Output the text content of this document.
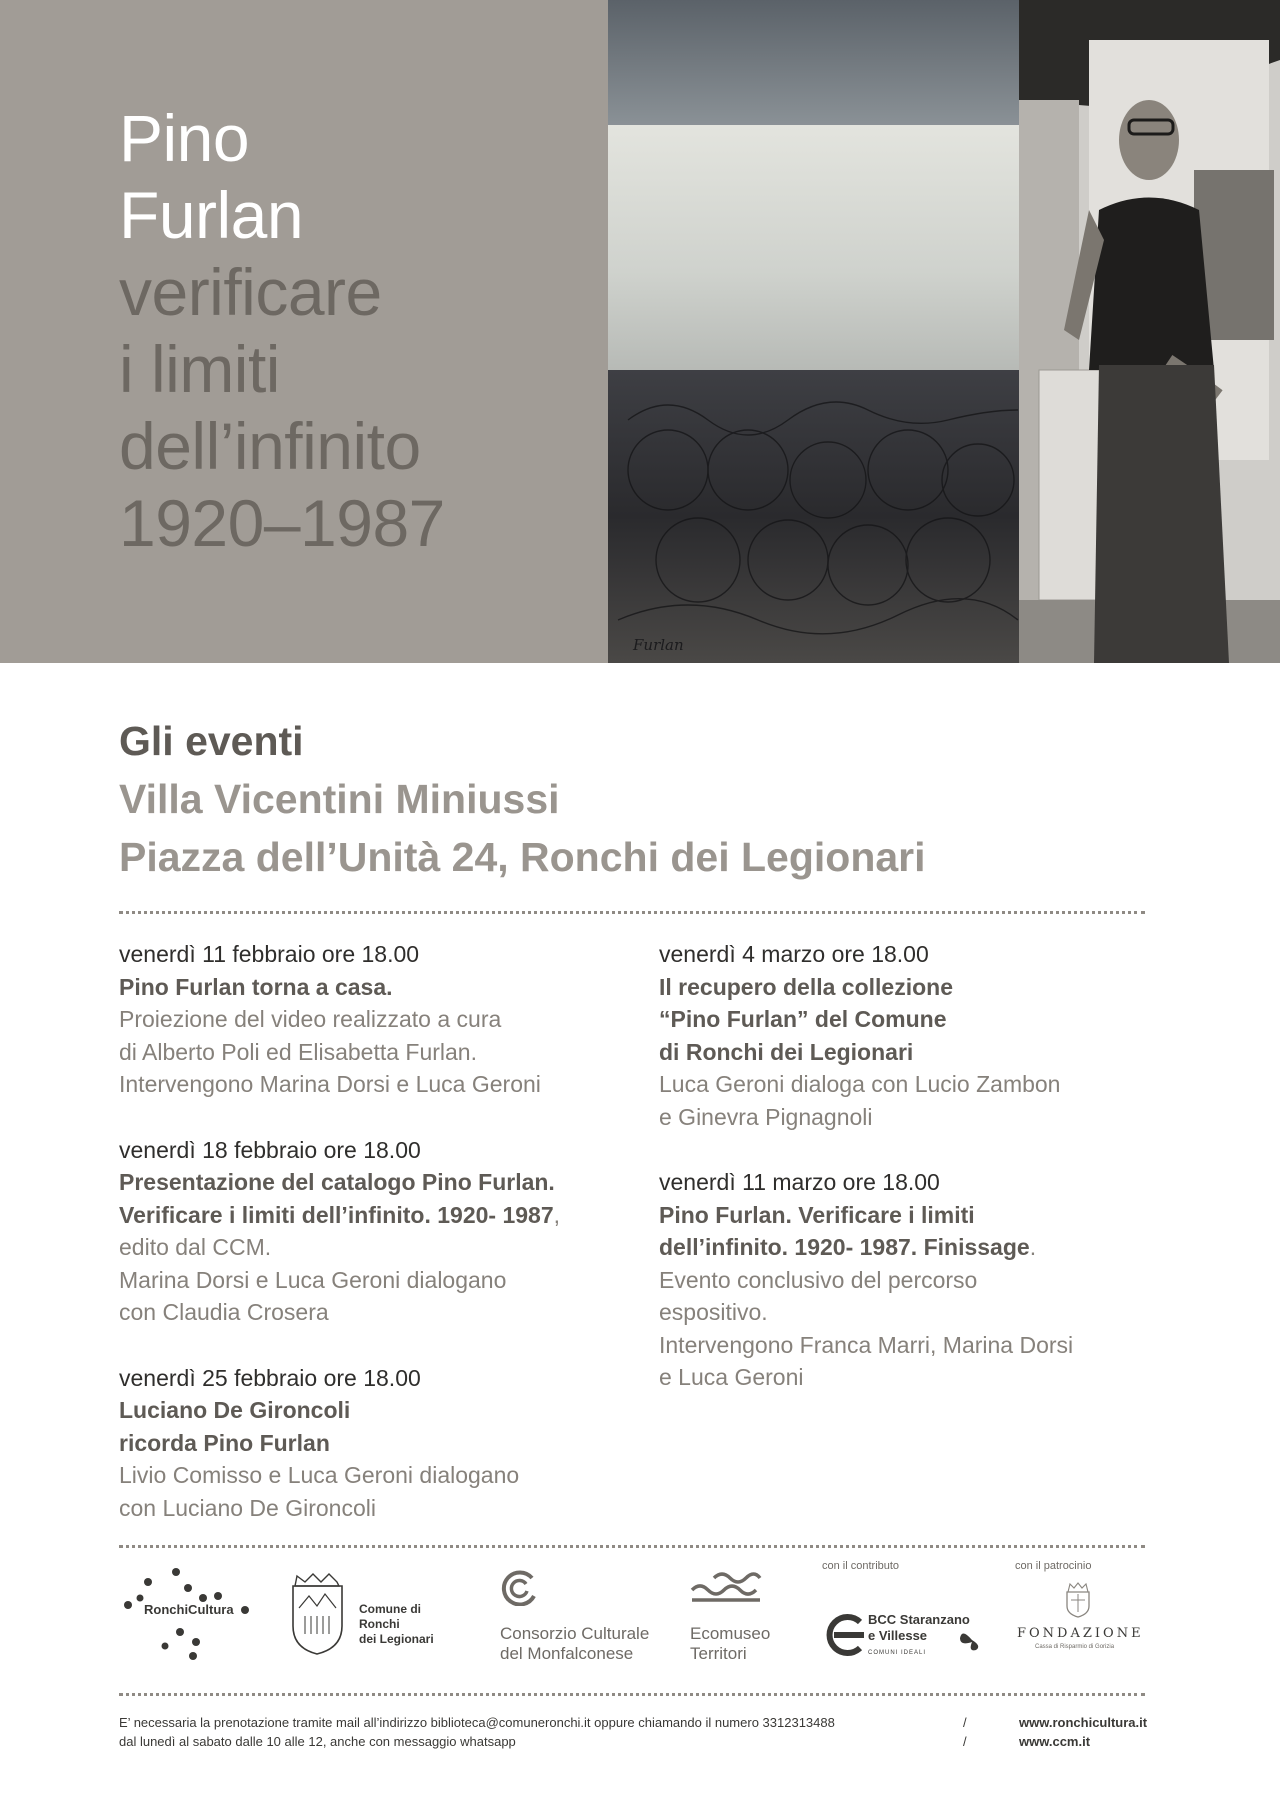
Pino
Furlan
verificare
i limiti
dell’infinito
1920–1987
Furlan
Gli eventi
Villa Vicentini Miniussi
Piazza dell’Unità 24, Ronchi dei Legionari
venerdì 11 febbraio ore 18.00
Pino Furlan torna a casa.
Proiezione del video realizzato a cura
di Alberto Poli ed Elisabetta Furlan.
Intervengono Marina Dorsi e Luca Geroni
venerdì 18 febbraio ore 18.00
Presentazione del catalogo Pino Furlan.
Verificare i limiti dell’infinito. 1920- 1987,
edito dal CCM.
Marina Dorsi e Luca Geroni dialogano
con Claudia Crosera
venerdì 25 febbraio ore 18.00
Luciano De Gironcoli
ricorda Pino Furlan
Livio Comisso e Luca Geroni dialogano
con Luciano De Gironcoli
venerdì 4 marzo ore 18.00
Il recupero della collezione
“Pino Furlan” del Comune
di Ronchi dei Legionari
Luca Geroni dialoga con Lucio Zambon
e Ginevra Pignagnoli
venerdì 11 marzo ore 18.00
Pino Furlan. Verificare i limiti
dell’infinito. 1920- 1987. Finissage.
Evento conclusivo del percorso
espositivo.
Intervengono Franca Marri, Marina Dorsi
e Luca Geroni
RonchiCultura	Comune di Ronchi
dei Legionari	Consorzio Culturale
del Monfalconese
Ecomuseo
Territori
con il contributo
BCC Staranzano
e Villesse
COMUNI IDEALI
con il patrocinio
FONDAZIONE
Cassa di Risparmio di Gorizia
E’ necessaria la prenotazione tramite mail all’indirizzo biblioteca@comuneronchi.it oppure chiamando il numero 3312313488
dal lunedì al sabato dalle 10 alle 12, anche con messaggio whatsapp
/
/
www.ronchicultura.it
www.ccm.it
